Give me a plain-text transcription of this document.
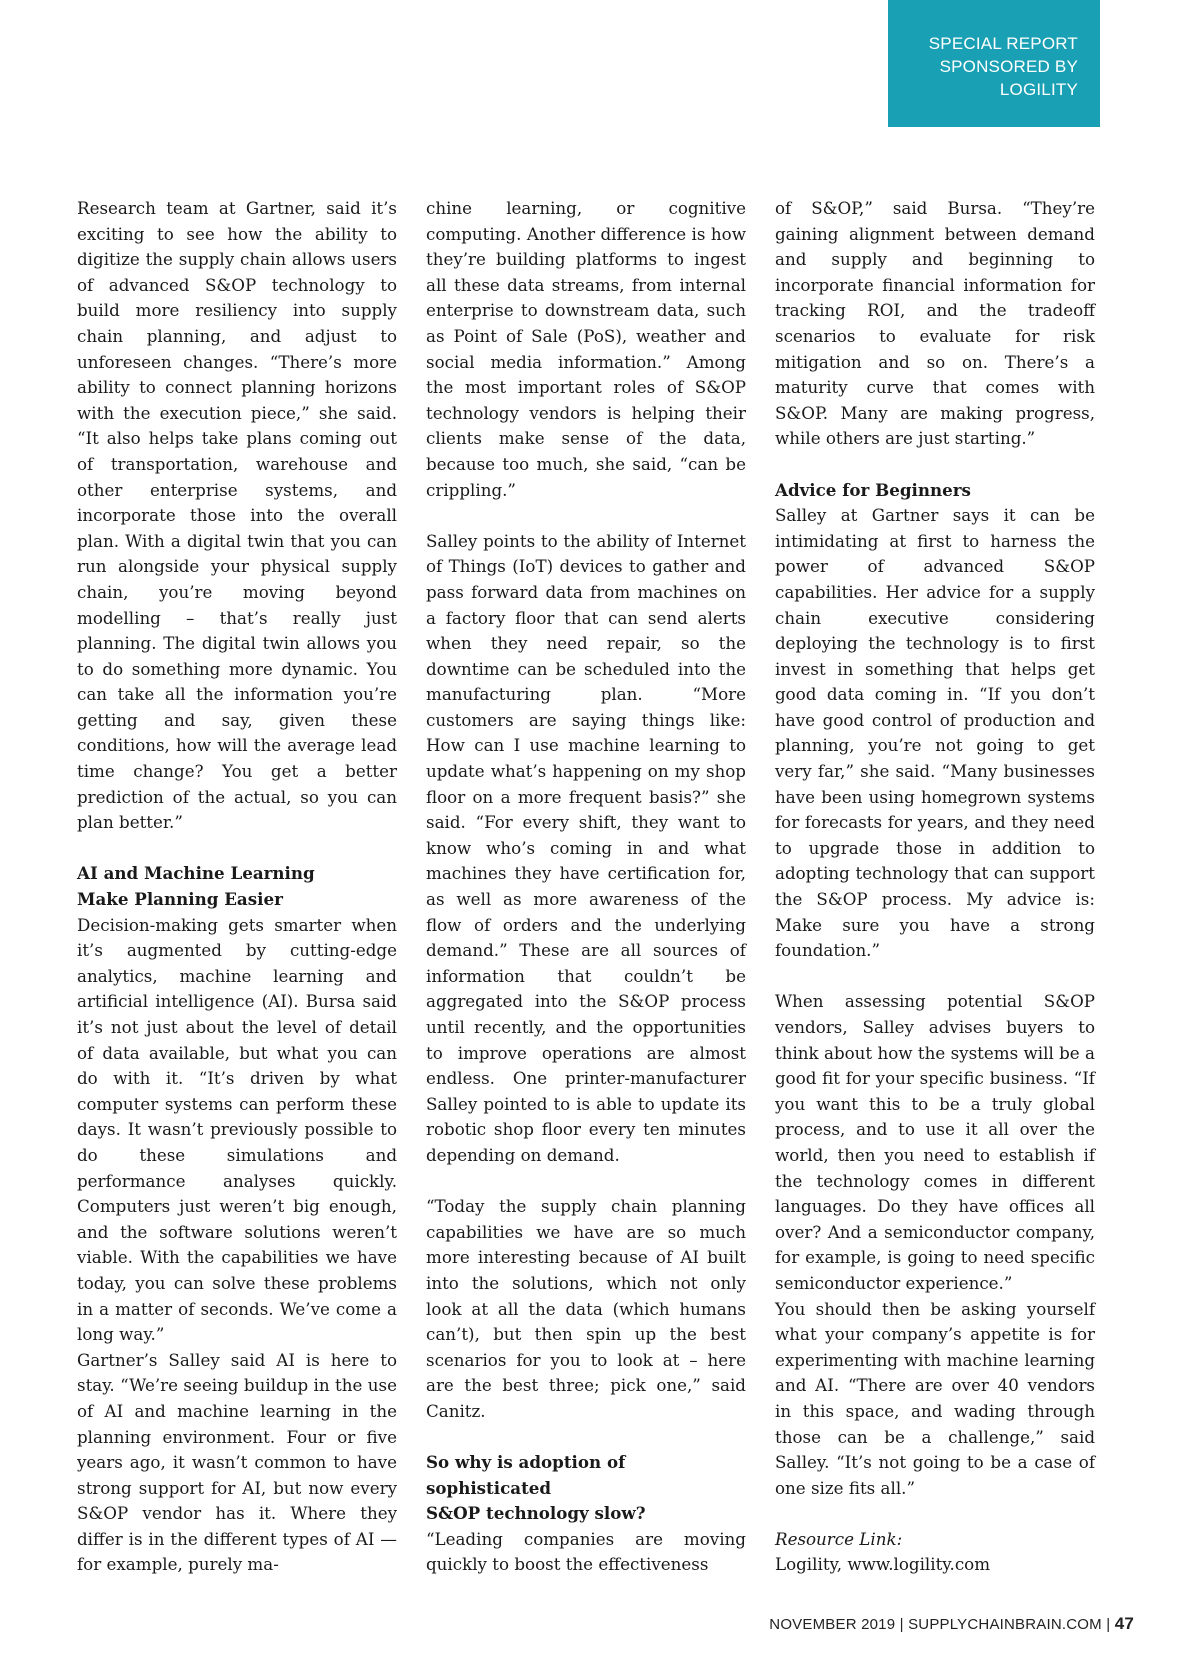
SPECIAL REPORT
SPONSORED BY
LOGILITY

Research team at Gartner, said it’s exciting to see how the ability to digitize the supply chain allows users of advanced S&OP technology to build more resiliency into supply chain planning, and adjust to unforeseen changes. “There’s more ability to connect planning horizons with the execution piece,” she said. “It also helps take plans coming out of transportation, warehouse and other enterprise systems, and incorporate those into the overall plan. With a digital twin that you can run alongside your physical supply chain, you’re moving beyond modelling – that’s really just planning. The digital twin allows you to do something more dynamic. You can take all the information you’re getting and say, given these conditions, how will the average lead time change? You get a better prediction of the actual, so you can plan better.”

AI and Machine Learning
Make Planning Easier

Decision-making gets smarter when it’s augmented by cutting-edge analytics, machine learning and artificial intelligence (AI). Bursa said it’s not just about the level of detail of data available, but what you can do with it. “It’s driven by what computer systems can perform these days. It wasn’t previously possible to do these simulations and performance analyses quickly. Computers just weren’t big enough, and the software solutions weren’t viable. With the capabilities we have today, you can solve these problems in a matter of seconds. We’ve come a long way.”

Gartner’s Salley said AI is here to stay. “We’re seeing buildup in the use of AI and machine learning in the planning environment. Four or five years ago, it wasn’t common to have strong support for AI, but now every S&OP vendor has it. Where they differ is in the different types of AI — for example, purely ma-

chine learning, or cognitive computing. Another difference is how they’re building platforms to ingest all these data streams, from internal enterprise to downstream data, such as Point of Sale (PoS), weather and social media information.” Among the most important roles of S&OP technology vendors is helping their clients make sense of the data, because too much, she said, “can be crippling.”

Salley points to the ability of Internet of Things (IoT) devices to gather and pass forward data from machines on a factory floor that can send alerts when they need repair, so the downtime can be scheduled into the manufacturing plan. “More customers are saying things like: How can I use machine learning to update what’s happening on my shop floor on a more frequent basis?” she said. “For every shift, they want to know who’s coming in and what machines they have certification for, as well as more awareness of the flow of orders and the underlying demand.” These are all sources of information that couldn’t be aggregated into the S&OP process until recently, and the opportunities to improve operations are almost endless. One printer-manufacturer Salley pointed to is able to update its robotic shop floor every ten minutes depending on demand.

“Today the supply chain planning capabilities we have are so much more interesting because of AI built into the solutions, which not only look at all the data (which humans can’t), but then spin up the best scenarios for you to look at – here are the best three; pick one,” said Canitz.

So why is adoption of sophisticated
S&OP technology slow?

“Leading companies are moving quickly to boost the effectiveness

of S&OP,” said Bursa. “They’re gaining alignment between demand and supply and beginning to incorporate financial information for tracking ROI, and the tradeoff scenarios to evaluate for risk mitigation and so on. There’s a maturity curve that comes with S&OP. Many are making progress, while others are just starting.”

Advice for Beginners

Salley at Gartner says it can be intimidating at first to harness the power of advanced S&OP capabilities. Her advice for a supply chain executive considering deploying the technology is to first invest in something that helps get good data coming in. “If you don’t have good control of production and planning, you’re not going to get very far,” she said. “Many businesses have been using homegrown systems for forecasts for years, and they need to upgrade those in addition to adopting technology that can support the S&OP process. My advice is: Make sure you have a strong foundation.”

When assessing potential S&OP vendors, Salley advises buyers to think about how the systems will be a good fit for your specific business. “If you want this to be a truly global process, and to use it all over the world, then you need to establish if the technology comes in different languages. Do they have offices all over? And a semiconductor company, for example, is going to need specific semiconductor experience.”

You should then be asking yourself what your company’s appetite is for experimenting with machine learning and AI. “There are over 40 vendors in this space, and wading through those can be a challenge,” said Salley. “It’s not going to be a case of one size fits all.”

Resource Link:

Logility, www.logility.com

NOVEMBER 2019 | SUPPLYCHAINBRAIN.COM | 47
